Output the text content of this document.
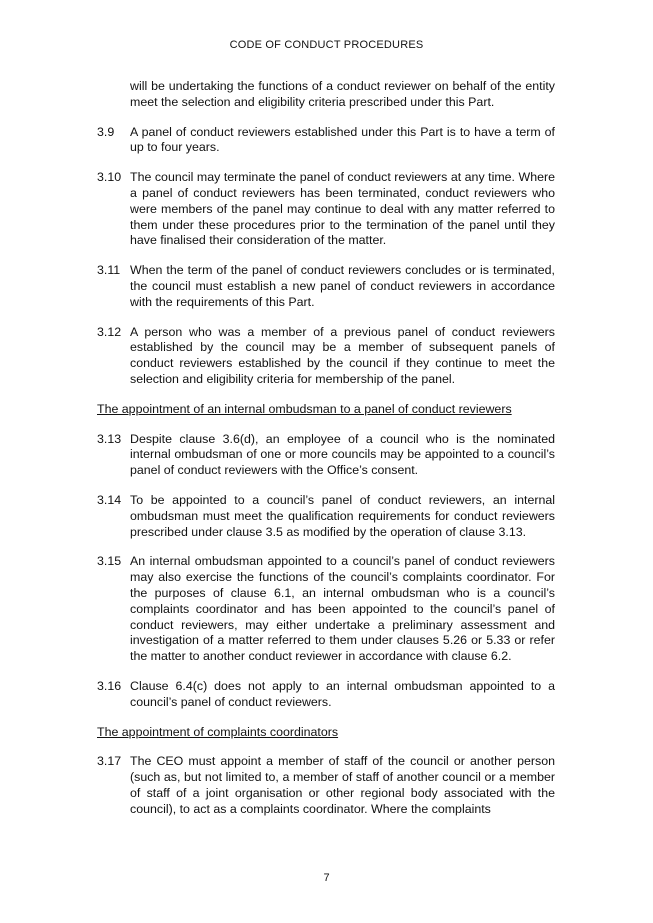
CODE OF CONDUCT PROCEDURES
will be undertaking the functions of a conduct reviewer on behalf of the entity meet the selection and eligibility criteria prescribed under this Part.
3.9	A panel of conduct reviewers established under this Part is to have a term of up to four years.
3.10 The council may terminate the panel of conduct reviewers at any time. Where a panel of conduct reviewers has been terminated, conduct reviewers who were members of the panel may continue to deal with any matter referred to them under these procedures prior to the termination of the panel until they have finalised their consideration of the matter.
3.11 When the term of the panel of conduct reviewers concludes or is terminated, the council must establish a new panel of conduct reviewers in accordance with the requirements of this Part.
3.12 A person who was a member of a previous panel of conduct reviewers established by the council may be a member of subsequent panels of conduct reviewers established by the council if they continue to meet the selection and eligibility criteria for membership of the panel.
The appointment of an internal ombudsman to a panel of conduct reviewers
3.13 Despite clause 3.6(d), an employee of a council who is the nominated internal ombudsman of one or more councils may be appointed to a council’s panel of conduct reviewers with the Office’s consent.
3.14 To be appointed to a council’s panel of conduct reviewers, an internal ombudsman must meet the qualification requirements for conduct reviewers prescribed under clause 3.5 as modified by the operation of clause 3.13.
3.15 An internal ombudsman appointed to a council’s panel of conduct reviewers may also exercise the functions of the council’s complaints coordinator. For the purposes of clause 6.1, an internal ombudsman who is a council’s complaints coordinator and has been appointed to the council’s panel of conduct reviewers, may either undertake a preliminary assessment and investigation of a matter referred to them under clauses 5.26 or 5.33 or refer the matter to another conduct reviewer in accordance with clause 6.2.
3.16 Clause 6.4(c) does not apply to an internal ombudsman appointed to a council’s panel of conduct reviewers.
The appointment of complaints coordinators
3.17 The CEO must appoint a member of staff of the council or another person (such as, but not limited to, a member of staff of another council or a member of staff of a joint organisation or other regional body associated with the council), to act as a complaints coordinator. Where the complaints
7
